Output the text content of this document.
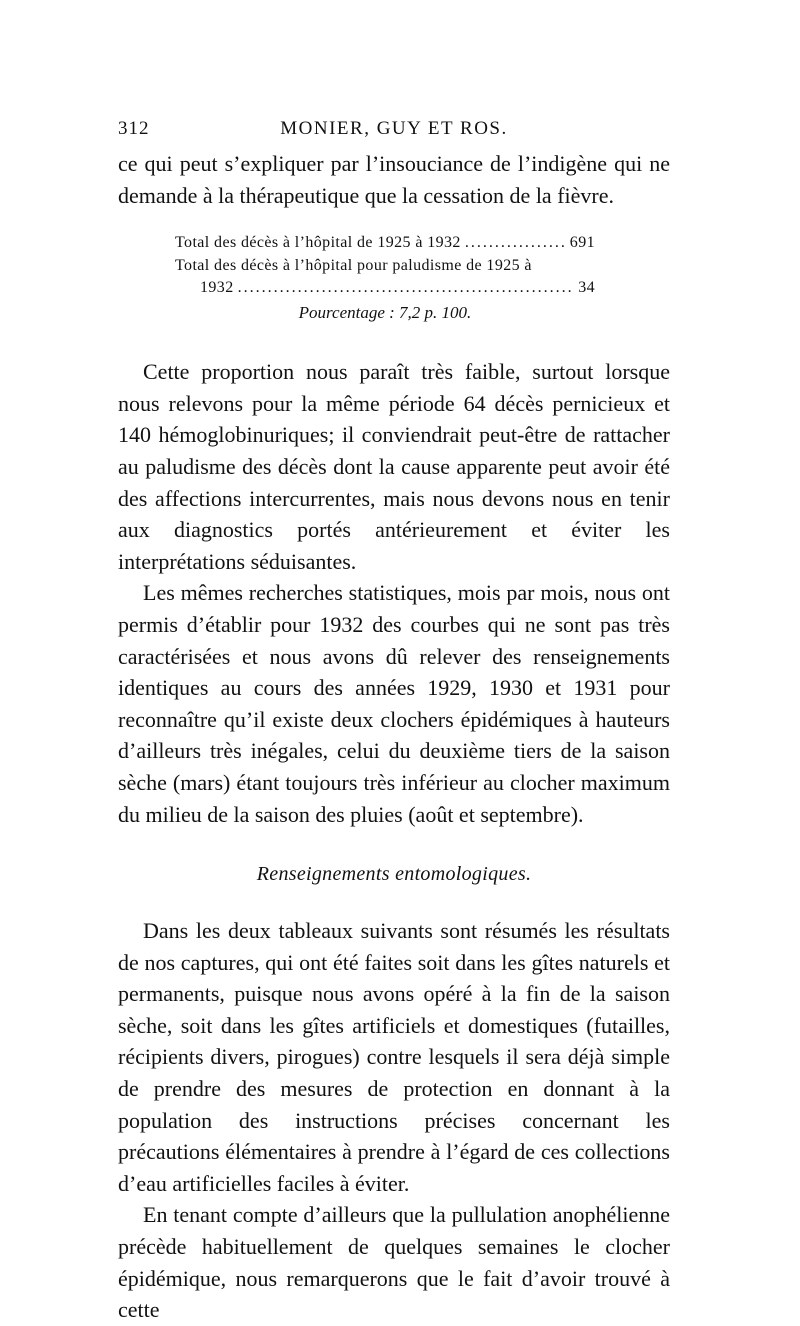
312	MONIER, GUY ET ROS.

ce qui peut s’expliquer par l’insouciance de l’indigène qui ne demande à la thérapeutique que la cessation de la fièvre.

Total des décès à l’hôpital de 1925 à 1932 .....	691
Total des décès à l’hôpital pour paludisme de 1925 à
1932 .....	34
Pourcentage : 7,2 p. 100.

Cette proportion nous paraît très faible, surtout lorsque nous relevons pour la même période 64 décès pernicieux et 140 hémoglobinuriques; il conviendrait peut-être de rattacher au paludisme des décès dont la cause apparente peut avoir été des affections intercurrentes, mais nous devons nous en tenir aux diagnostics portés antérieurement et éviter les interprétations séduisantes.

Les mêmes recherches statistiques, mois par mois, nous ont permis d’établir pour 1932 des courbes qui ne sont pas très caractérisées et nous avons dû relever des renseignements identiques au cours des années 1929, 1930 et 1931 pour reconnaître qu’il existe deux clochers épidémiques à hauteurs d’ailleurs très inégales, celui du deuxième tiers de la saison sèche (mars) étant toujours très inférieur au clocher maximum du milieu de la saison des pluies (août et septembre).

Renseignements entomologiques.

Dans les deux tableaux suivants sont résumés les résultats de nos captures, qui ont été faites soit dans les gîtes naturels et permanents, puisque nous avons opéré à la fin de la saison sèche, soit dans les gîtes artificiels et domestiques (futailles, récipients divers, pirogues) contre lesquels il sera déjà simple de prendre des mesures de protection en donnant à la population des instructions précises concernant les précautions élémentaires à prendre à l’égard de ces collections d’eau artificielles faciles à éviter.

En tenant compte d’ailleurs que la pullulation anophélienne précède habituellement de quelques semaines le clocher épidémique, nous remarquerons que le fait d’avoir trouvé à cette
